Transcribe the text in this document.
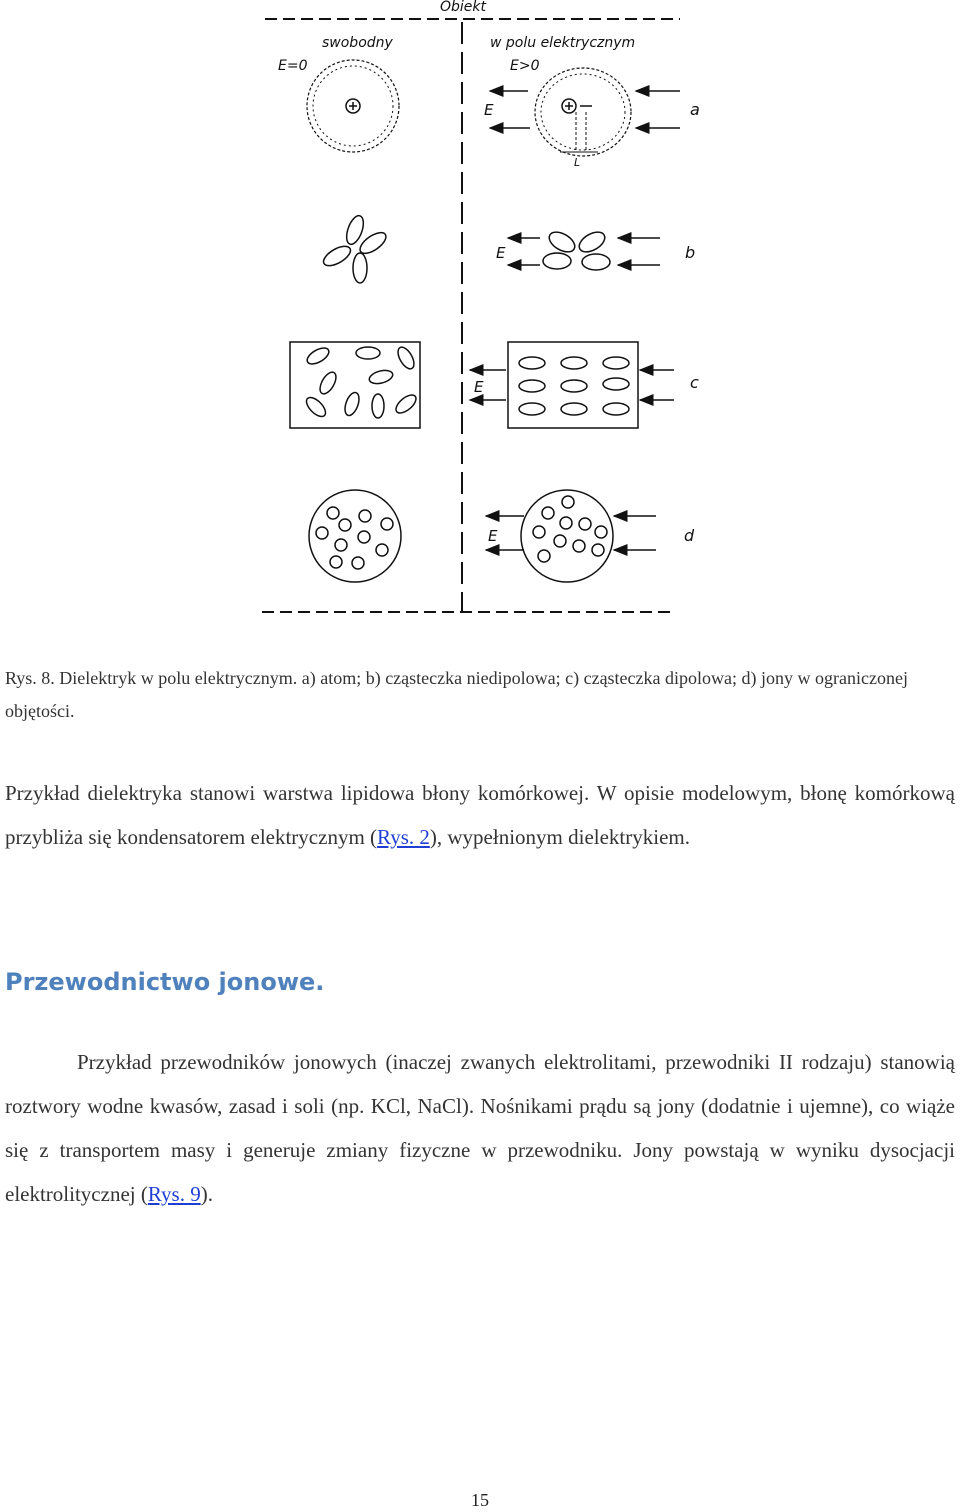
Obiekt
swobodny	w polu elektrycznym
E=0	E>0
L
E	a
E	b
E	c
E	d
Rys. 8. Dielektryk w polu elektrycznym. a) atom; b) cząsteczka niedipolowa; c) cząsteczka dipolowa; d) jony w ograniczonej objętości.
Przykład dielektryka stanowi warstwa lipidowa błony komórkowej. W opisie modelowym, błonę komórkową przybliża się kondensatorem elektrycznym (Rys. 2), wypełnionym dielektrykiem.
Przewodnictwo jonowe.
Przykład przewodników jonowych (inaczej zwanych elektrolitami, przewodniki II rodzaju) stanowią roztwory wodne kwasów, zasad i soli (np. KCl, NaCl). Nośnikami prądu są jony (dodatnie i ujemne), co wiąże się z transportem masy i generuje zmiany fizyczne w przewodniku. Jony powstają w wyniku dysocjacji elektrolitycznej (Rys. 9).
15
